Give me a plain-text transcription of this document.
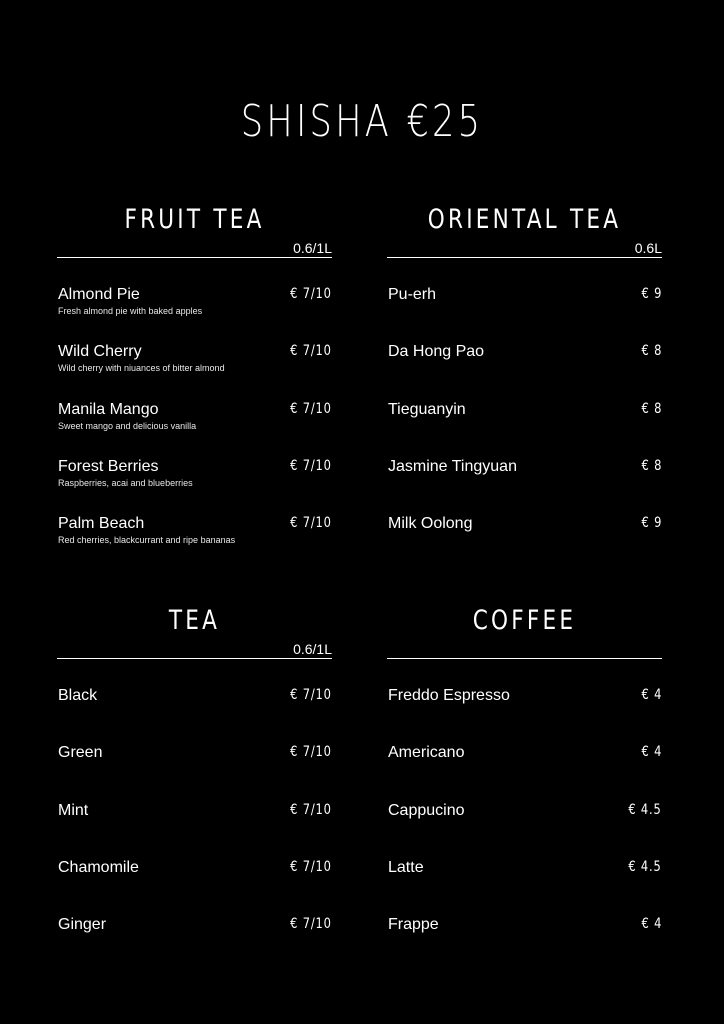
SHISHA €25
FRUIT TEA
0.6/1L
Almond Pie
Fresh almond pie with baked apples
€ 7/10
Wild Cherry
Wild cherry with niuances of bitter almond
€ 7/10
Manila Mango
Sweet mango and delicious vanilla
€ 7/10
Forest Berries
Raspberries, acai and blueberries
€ 7/10
Palm Beach
Red cherries, blackcurrant and ripe bananas
€ 7/10
ORIENTAL TEA
0.6L
Pu-erh	€ 9
Da Hong Pao	€ 8
Tieguanyin	€ 8
Jasmine Tingyuan	€ 8
Milk Oolong	€ 9
TEA
0.6/1L
Black	€ 7/10
Green	€ 7/10
Mint	€ 7/10
Chamomile	€ 7/10
Ginger	€ 7/10
COFFEE
Freddo Espresso	€ 4
Americano	€ 4
Cappucino	€ 4.5
Latte	€ 4.5
Frappe	€ 4
